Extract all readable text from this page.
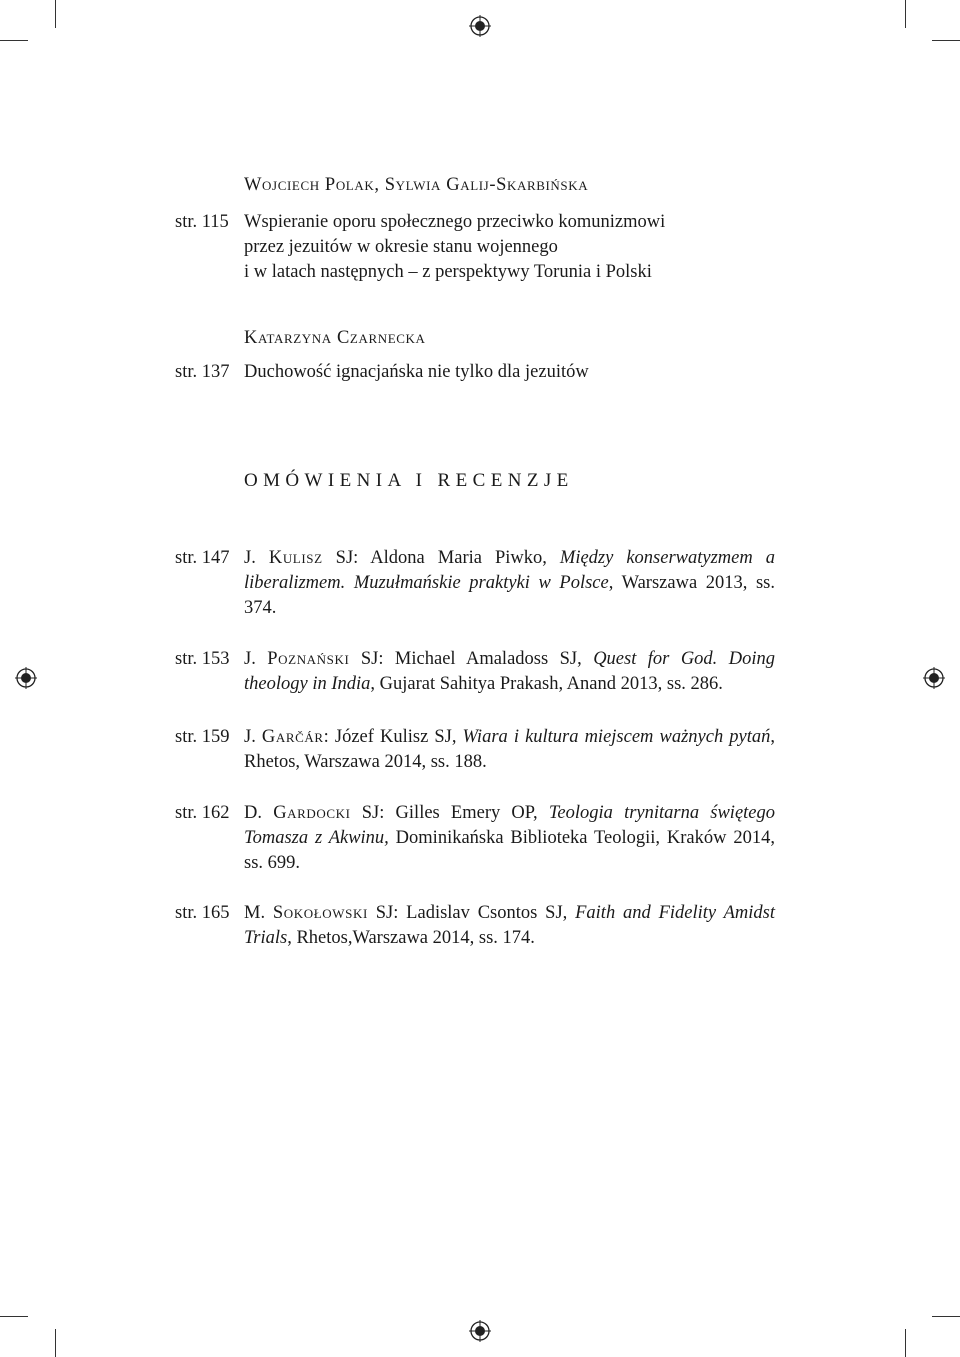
Wojciech Polak, Sylwia Galij-Skarbińska
str. 115 Wspieranie oporu społecznego przeciwko komunizmowi
przez jezuitów w okresie stanu wojennego
i w latach następnych – z perspektywy Torunia i Polski
Katarzyna Czarnecka
str. 137 Duchowość ignacjańska nie tylko dla jezuitów
OMÓWIENIA I RECENZJE
str. 147 J. Kulisz SJ: Aldona Maria Piwko, Między konserwatyzmem a liberalizmem. Muzułmańskie praktyki w Polsce, Warszawa 2013, ss. 374.
str. 153 J. Poznański SJ: Michael Amaladoss SJ, Quest for God. Doing theology in India, Gujarat Sahitya Prakash, Anand 2013, ss. 286.
str. 159 J. Garčár: Józef Kulisz SJ, Wiara i kultura miejscem ważnych pytań, Rhetos, Warszawa 2014, ss. 188.
str. 162 D. Gardocki SJ: Gilles Emery OP, Teologia trynitarna świętego Tomasza z Akwinu, Dominikańska Biblioteka Teologii, Kraków 2014, ss. 699.
str. 165 M. Sokołowski SJ: Ladislav Csontos SJ, Faith and Fidelity Amidst Trials, Rhetos,Warszawa 2014, ss. 174.
